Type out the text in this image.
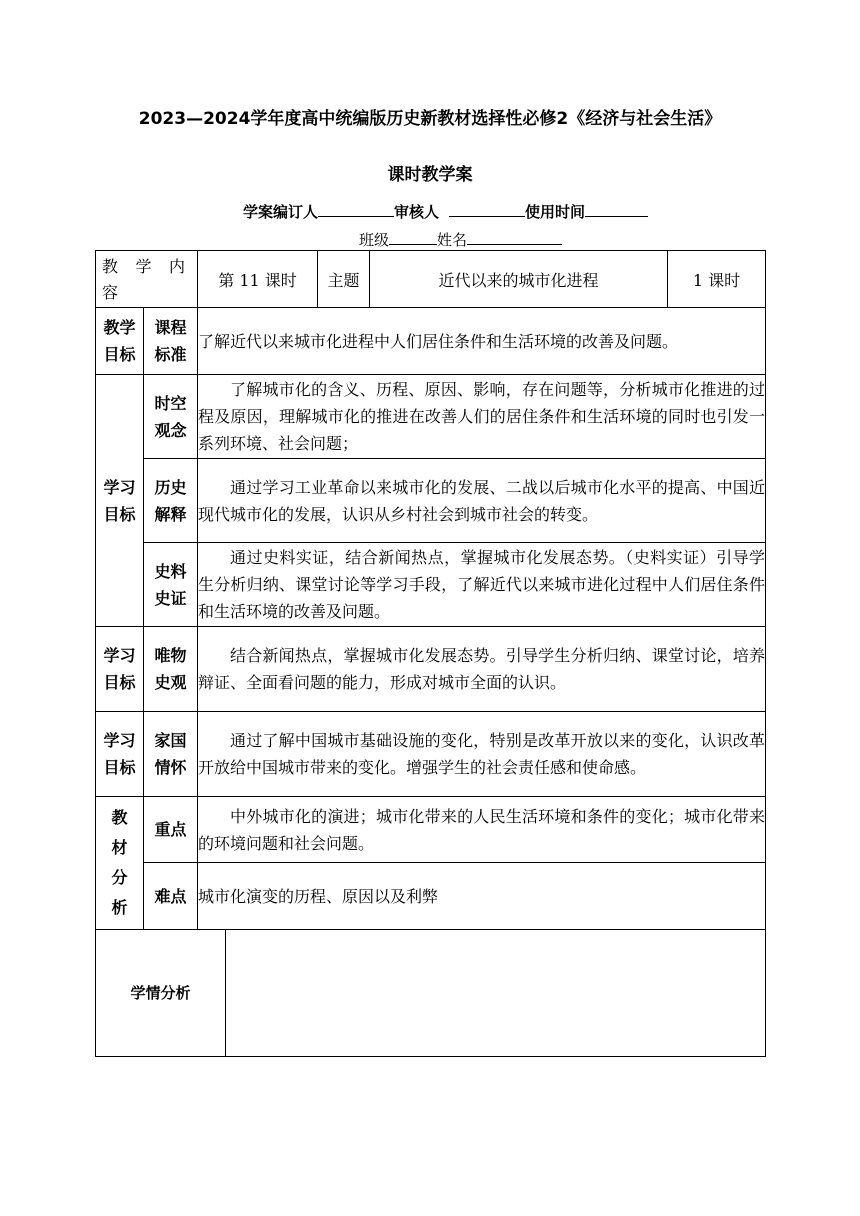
2023—2024学年度高中统编版历史新教材选择性必修2《经济与社会生活》
课时教学案
学案编订人	审核人	使用时间
班级	姓名
教 学 内 容		第 11 课时		主题	近代以来的城市化进程	1 课时
教学目标	课程标准	了解近代以来城市化进程中人们居住条件和生活环境的改善及问题。				
学习目标	时空观念	了解城市化的含义、历程、原因、影响，存在问题等，分析城市化推进的过程及原因，理解城市化的推进在改善人们的居住条件和生活环境的同时也引发一系列环境、社会问题；				
	历史解释	通过学习工业革命以来城市化的发展、二战以后城市化水平的提高、中国近现代城市化的发展，认识从乡村社会到城市社会的转变。				
	史料史证	通过史料实证，结合新闻热点，掌握城市化发展态势。（史料实证）引导学生分析归纳、课堂讨论等学习手段，了解近代以来城市进化过程中人们居住条件和生活环境的改善及问题。				
学习目标	唯物史观	结合新闻热点，掌握城市化发展态势。引导学生分析归纳、课堂讨论，培养辩证、全面看问题的能力，形成对城市全面的认识。				
学习目标	家国情怀	通过了解中国城市基础设施的变化，特别是改革开放以来的变化，认识改革开放给中国城市带来的变化。增强学生的社会责任感和使命感。				
教材分析	重点	中外城市化的演进；城市化带来的人民生活环境和条件的变化；城市化带来的环境问题和社会问题。				
	难点	城市化演变的历程、原因以及利弊				
学情分析						
